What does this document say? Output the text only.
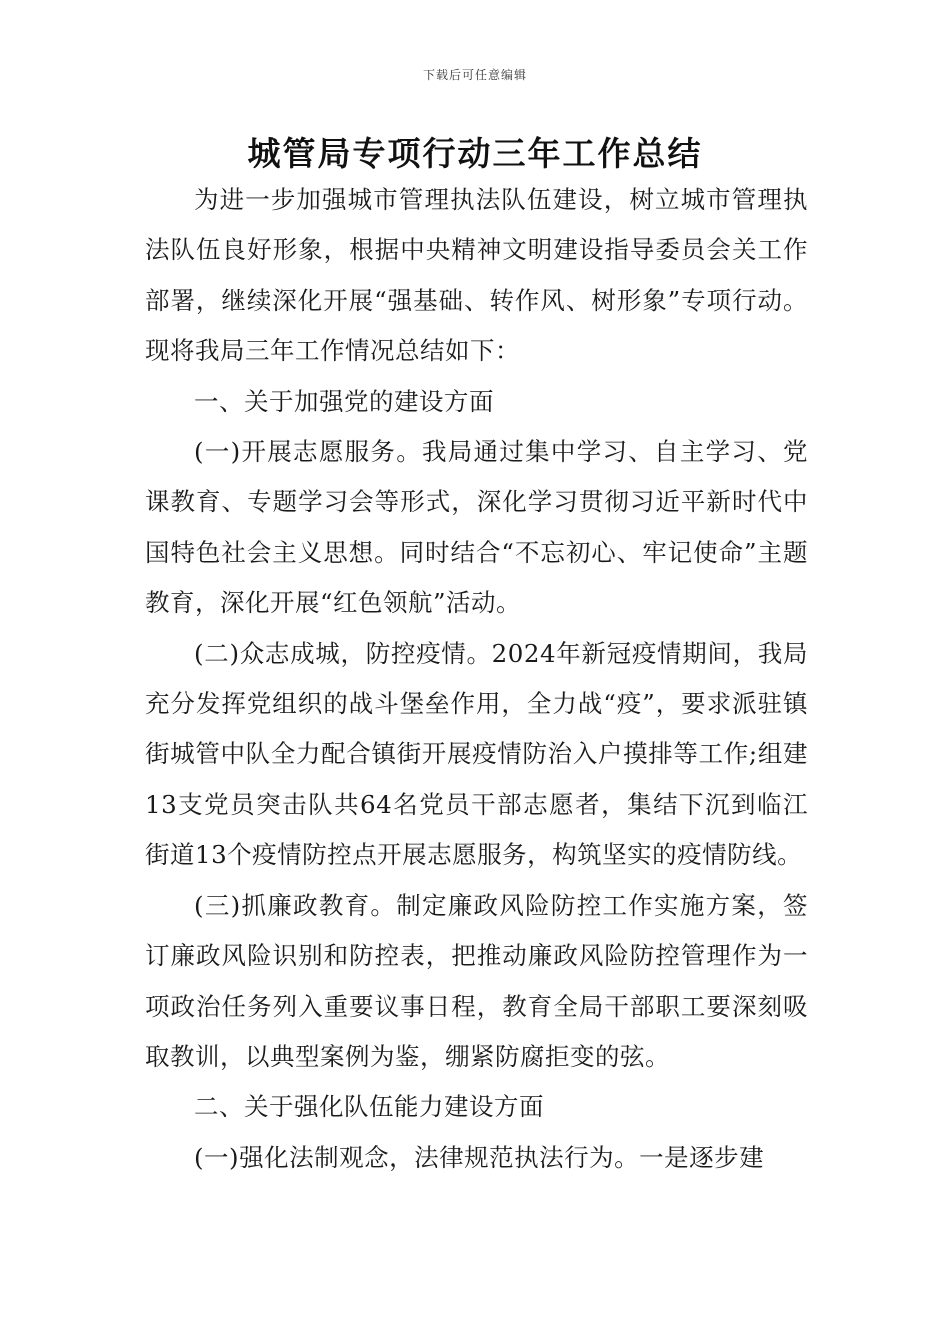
下载后可任意编辑
城管局专项行动三年工作总结

为进一步加强城市管理执法队伍建设，树立城市管理执法队伍良好形象，根据中央精神文明建设指导委员会关工作部署，继续深化开展“强基础、转作风、树形象”专项行动。现将我局三年工作情况总结如下：

一、关于加强党的建设方面

(一)开展志愿服务。我局通过集中学习、自主学习、党课教育、专题学习会等形式，深化学习贯彻习近平新时代中国特色社会主义思想。同时结合“不忘初心、牢记使命”主题教育，深化开展“红色领航”活动。

(二)众志成城，防控疫情。2024年新冠疫情期间，我局充分发挥党组织的战斗堡垒作用，全力战“疫”，要求派驻镇街城管中队全力配合镇街开展疫情防治入户摸排等工作;组建13支党员突击队共64名党员干部志愿者，集结下沉到临江街道13个疫情防控点开展志愿服务，构筑坚实的疫情防线。

(三)抓廉政教育。制定廉政风险防控工作实施方案，签订廉政风险识别和防控表，把推动廉政风险防控管理作为一项政治任务列入重要议事日程，教育全局干部职工要深刻吸取教训，以典型案例为鉴，绷紧防腐拒变的弦。

二、关于强化队伍能力建设方面

(一)强化法制观念，法律规范执法行为。一是逐步建
